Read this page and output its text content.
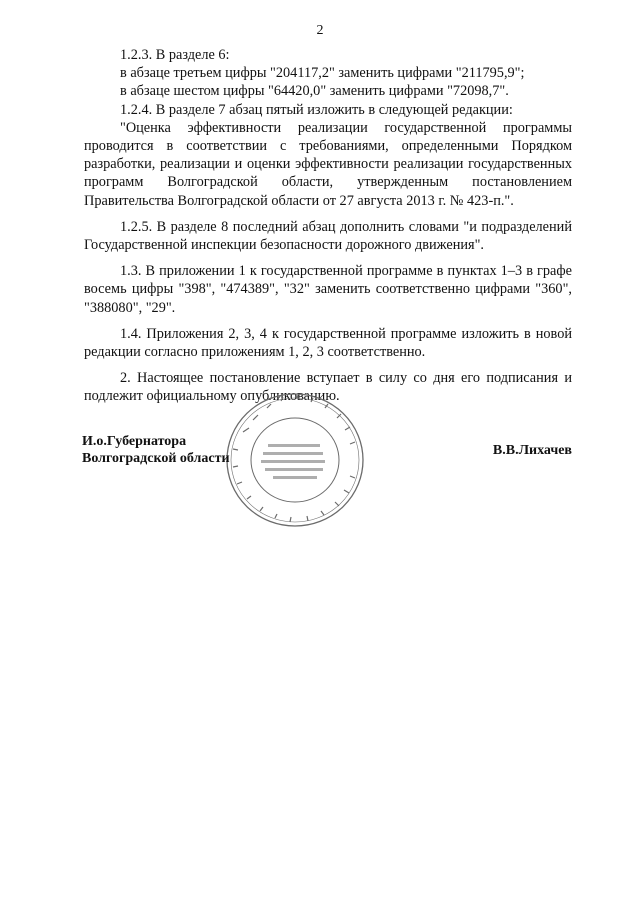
2

1.2.3. В разделе 6:

в абзаце третьем цифры "204117,2" заменить цифрами "211795,9";

в абзаце шестом цифры "64420,0" заменить цифрами "72098,7".

1.2.4. В разделе 7 абзац пятый изложить в следующей редакции:

"Оценка эффективности реализации государственной программы проводится в соответствии с требованиями, определенными Порядком разработки, реализации и оценки эффективности реализации государственных программ Волгоградской области, утвержденным постановлением Правительства Волгоградской области от 27 августа 2013 г. № 423-п.".

1.2.5. В разделе 8 последний абзац дополнить словами "и подразделений Государственной инспекции безопасности дорожного движения".

1.3. В приложении 1 к государственной программе в пунктах 1–3 в графе восемь цифры "398", "474389", "32" заменить соответственно цифрами "360", "388080", "29".

1.4. Приложения 2, 3, 4 к государственной программе изложить в новой редакции согласно приложениям 1, 2, 3 соответственно.

2. Настоящее постановление вступает в силу со дня его подписания и подлежит официальному опубликованию.

И.о.Губернатора
Волгоградской области
В.В.Лихачев
